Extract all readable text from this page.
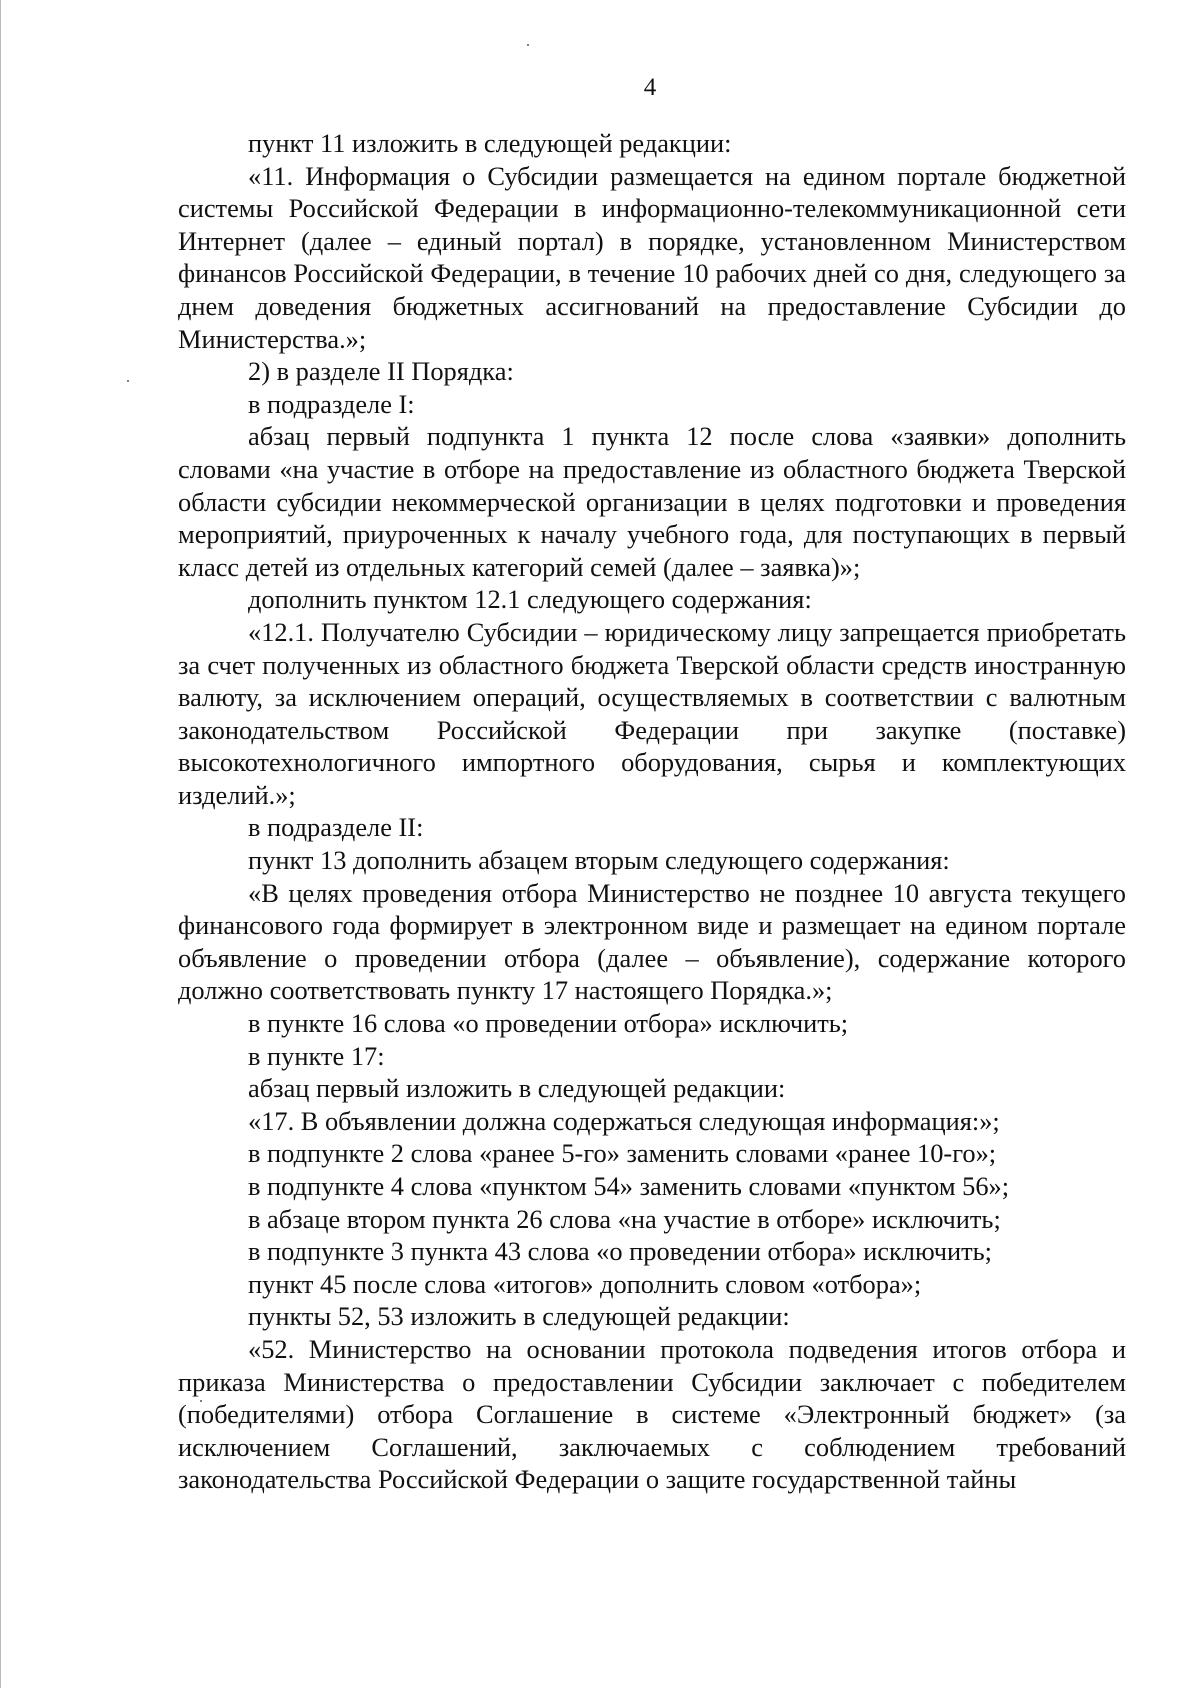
4

пункт 11 изложить в следующей редакции:

«11. Информация о Субсидии размещается на едином портале бюджетной системы Российской Федерации в информационно-телекоммуникационной сети Интернет (далее – единый портал) в порядке, установленном Министерством финансов Российской Федерации, в течение 10 рабочих дней со дня, следующего за днем доведения бюджетных ассигнований на предоставление Субсидии до Министерства.»;

2) в разделе II Порядка:

в подразделе I:

абзац первый подпункта 1 пункта 12 после слова «заявки» дополнить словами «на участие в отборе на предоставление из областного бюджета Тверской области субсидии некоммерческой организации в целях подготовки и проведения мероприятий, приуроченных к началу учебного года, для поступающих в первый класс детей из отдельных категорий семей (далее – заявка)»;

дополнить пунктом 12.1 следующего содержания:

«12.1. Получателю Субсидии – юридическому лицу запрещается приобретать за счет полученных из областного бюджета Тверской области средств иностранную валюту, за исключением операций, осуществляемых в соответствии с валютным законодательством Российской Федерации при закупке (поставке) высокотехнологичного импортного оборудования, сырья и комплектующих изделий.»;

в подразделе II:

пункт 13 дополнить абзацем вторым следующего содержания:

«В целях проведения отбора Министерство не позднее 10 августа текущего финансового года формирует в электронном виде и размещает на едином портале объявление о проведении отбора (далее – объявление), содержание которого должно соответствовать пункту 17 настоящего Порядка.»;

в пункте 16 слова «о проведении отбора» исключить;

в пункте 17:

абзац первый изложить в следующей редакции:

«17. В объявлении должна содержаться следующая информация:»;

в подпункте 2 слова «ранее 5-го» заменить словами «ранее 10-го»;

в подпункте 4 слова «пунктом 54» заменить словами «пунктом 56»;

в абзаце втором пункта 26 слова «на участие в отборе» исключить;

в подпункте 3 пункта 43 слова «о проведении отбора» исключить;

пункт 45 после слова «итогов» дополнить словом «отбора»;

пункты 52, 53 изложить в следующей редакции:

«52. Министерство на основании протокола подведения итогов отбора и приказа Министерства о предоставлении Субсидии заключает с победителем (победителями) отбора Соглашение в системе «Электронный бюджет» (за исключением Соглашений, заключаемых с соблюдением требований законодательства Российской Федерации о защите государственной тайны
